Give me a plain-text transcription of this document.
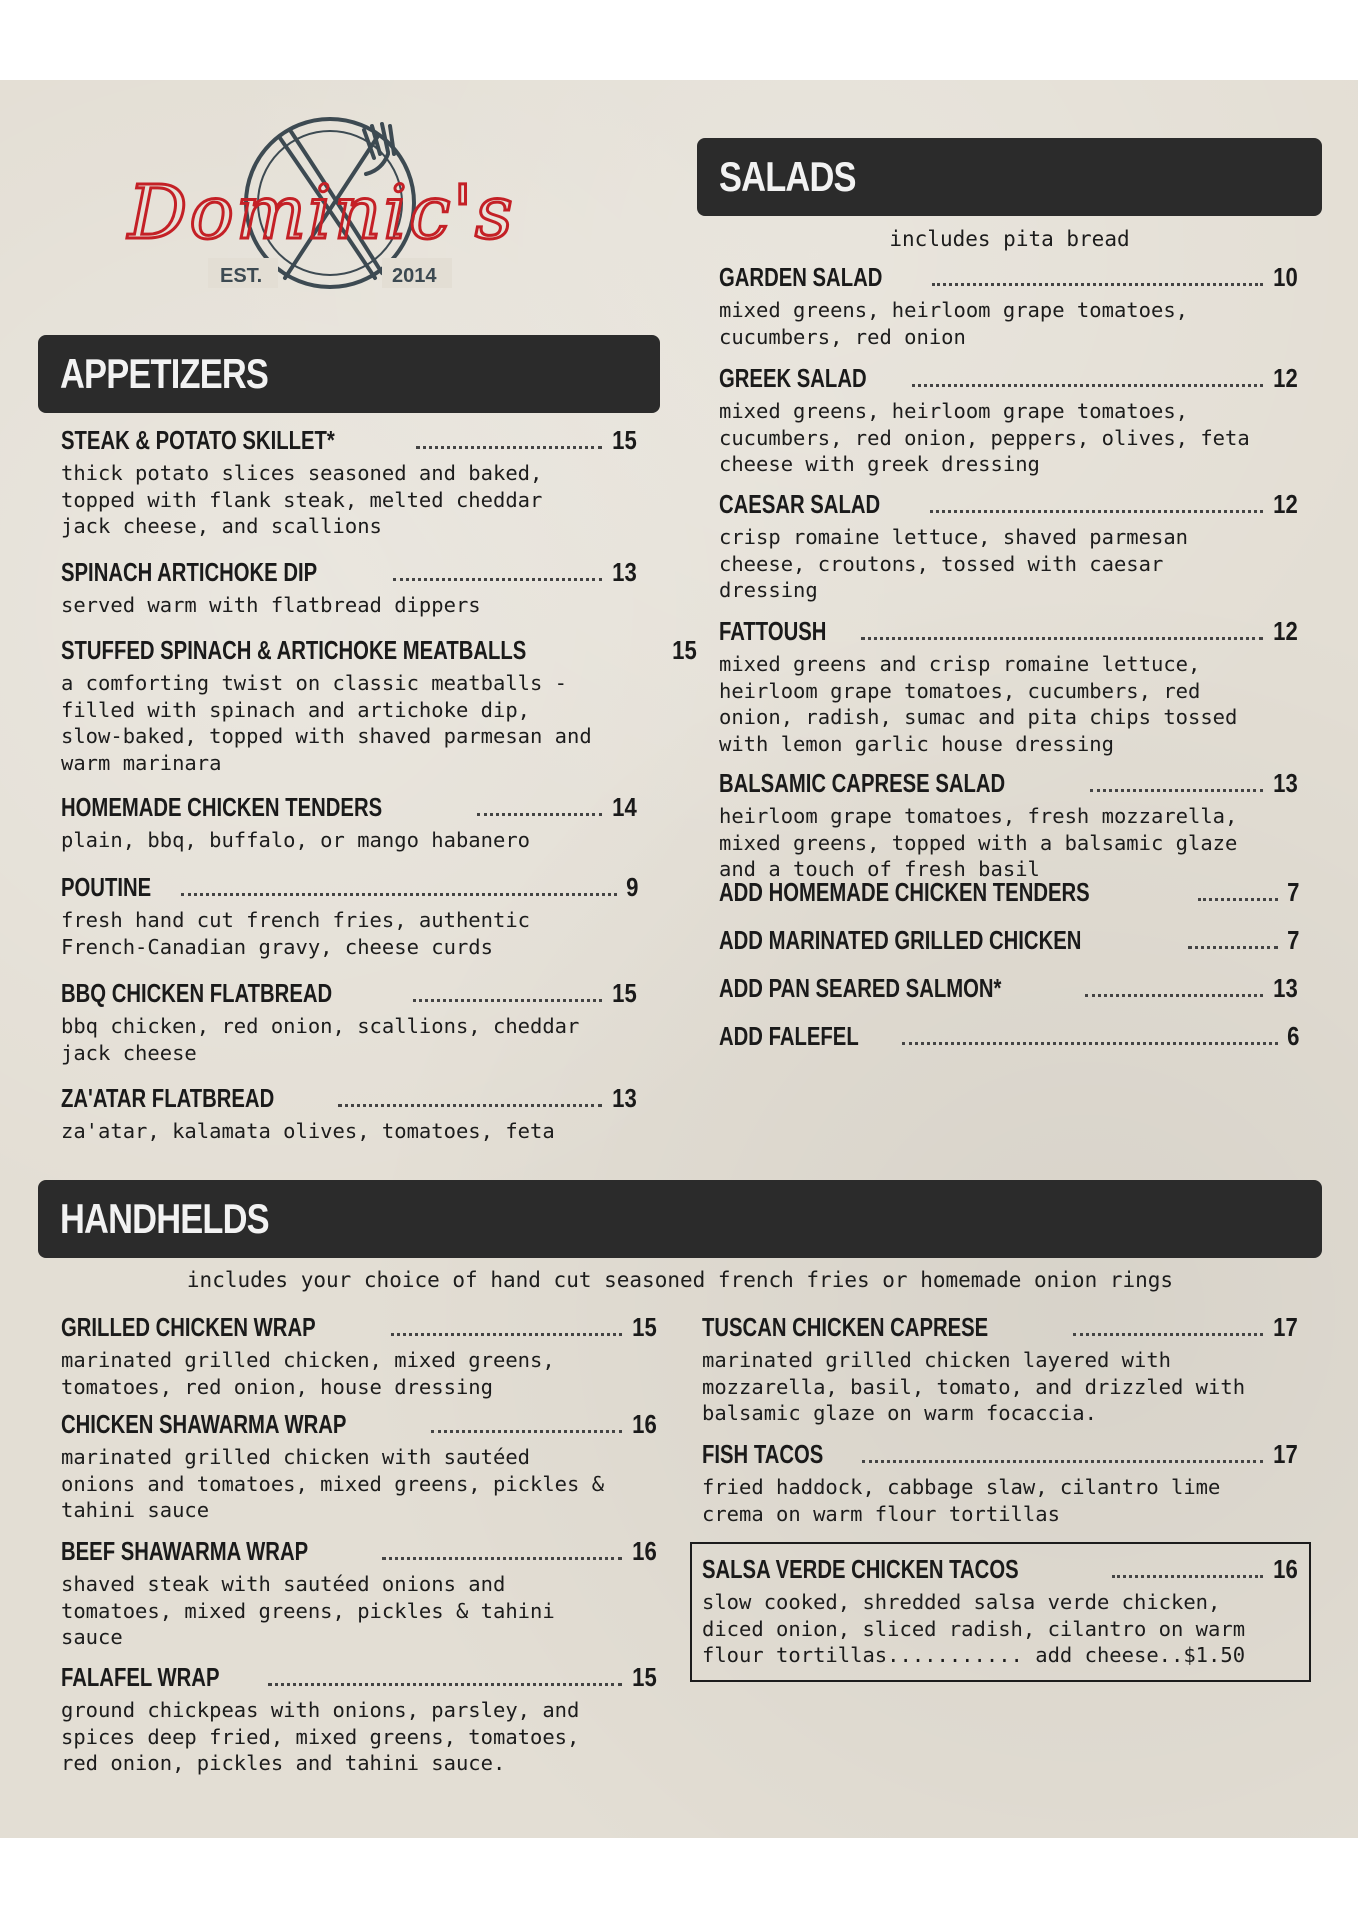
EST.	2014
Dominic's
APPETIZERS
SALADS
includes pita bread
STEAK & POTATO SKILLET*	15
thick potato slices seasoned and baked,
topped with flank steak, melted cheddar
jack cheese, and scallions
SPINACH ARTICHOKE DIP	13
served warm with flatbread dippers
STUFFED SPINACH & ARTICHOKE MEATBALLS	15
a comforting twist on classic meatballs -
filled with spinach and artichoke dip,
slow-baked, topped with shaved parmesan and
warm marinara
HOMEMADE CHICKEN TENDERS	14
plain, bbq, buffalo, or mango habanero
POUTINE	9
fresh hand cut french fries, authentic
French-Canadian gravy, cheese curds
BBQ CHICKEN FLATBREAD	15
bbq chicken, red onion, scallions, cheddar
jack cheese
ZA'ATAR FLATBREAD	13
za'atar, kalamata olives, tomatoes, feta
GARDEN SALAD	10
mixed greens, heirloom grape tomatoes,
cucumbers, red onion
GREEK SALAD	12
mixed greens, heirloom grape tomatoes,
cucumbers, red onion, peppers, olives, feta
cheese with greek dressing
CAESAR SALAD	12
crisp romaine lettuce, shaved parmesan
cheese, croutons, tossed with caesar
dressing
FATTOUSH	12
mixed greens and crisp romaine lettuce,
heirloom grape tomatoes, cucumbers, red
onion, radish, sumac and pita chips tossed
with lemon garlic house dressing
BALSAMIC CAPRESE SALAD	13
heirloom grape tomatoes, fresh mozzarella,
mixed greens, topped with a balsamic glaze
and a touch of fresh basil
ADD HOMEMADE CHICKEN TENDERS	7
ADD MARINATED GRILLED CHICKEN	7
ADD PAN SEARED SALMON*	13
ADD FALEFEL	6
HANDHELDS
includes your choice of hand cut seasoned french fries or homemade onion rings
GRILLED CHICKEN WRAP	15
marinated grilled chicken, mixed greens,
tomatoes, red onion, house dressing
CHICKEN SHAWARMA WRAP	16
marinated grilled chicken with sautéed
onions and tomatoes, mixed greens, pickles &
tahini sauce
BEEF SHAWARMA WRAP	16
shaved steak with sautéed onions and
tomatoes, mixed greens, pickles & tahini
sauce
FALAFEL WRAP	15
ground chickpeas with onions, parsley, and
spices deep fried, mixed greens, tomatoes,
red onion, pickles and tahini sauce.
TUSCAN CHICKEN CAPRESE	17
marinated grilled chicken layered with
mozzarella, basil, tomato, and drizzled with
balsamic glaze on warm focaccia.
FISH TACOS	17
fried haddock, cabbage slaw, cilantro lime
crema on warm flour tortillas
SALSA VERDE CHICKEN TACOS	16
slow cooked, shredded salsa verde chicken,
diced onion, sliced radish, cilantro on warm
flour tortillas........... add cheese..$1.50
